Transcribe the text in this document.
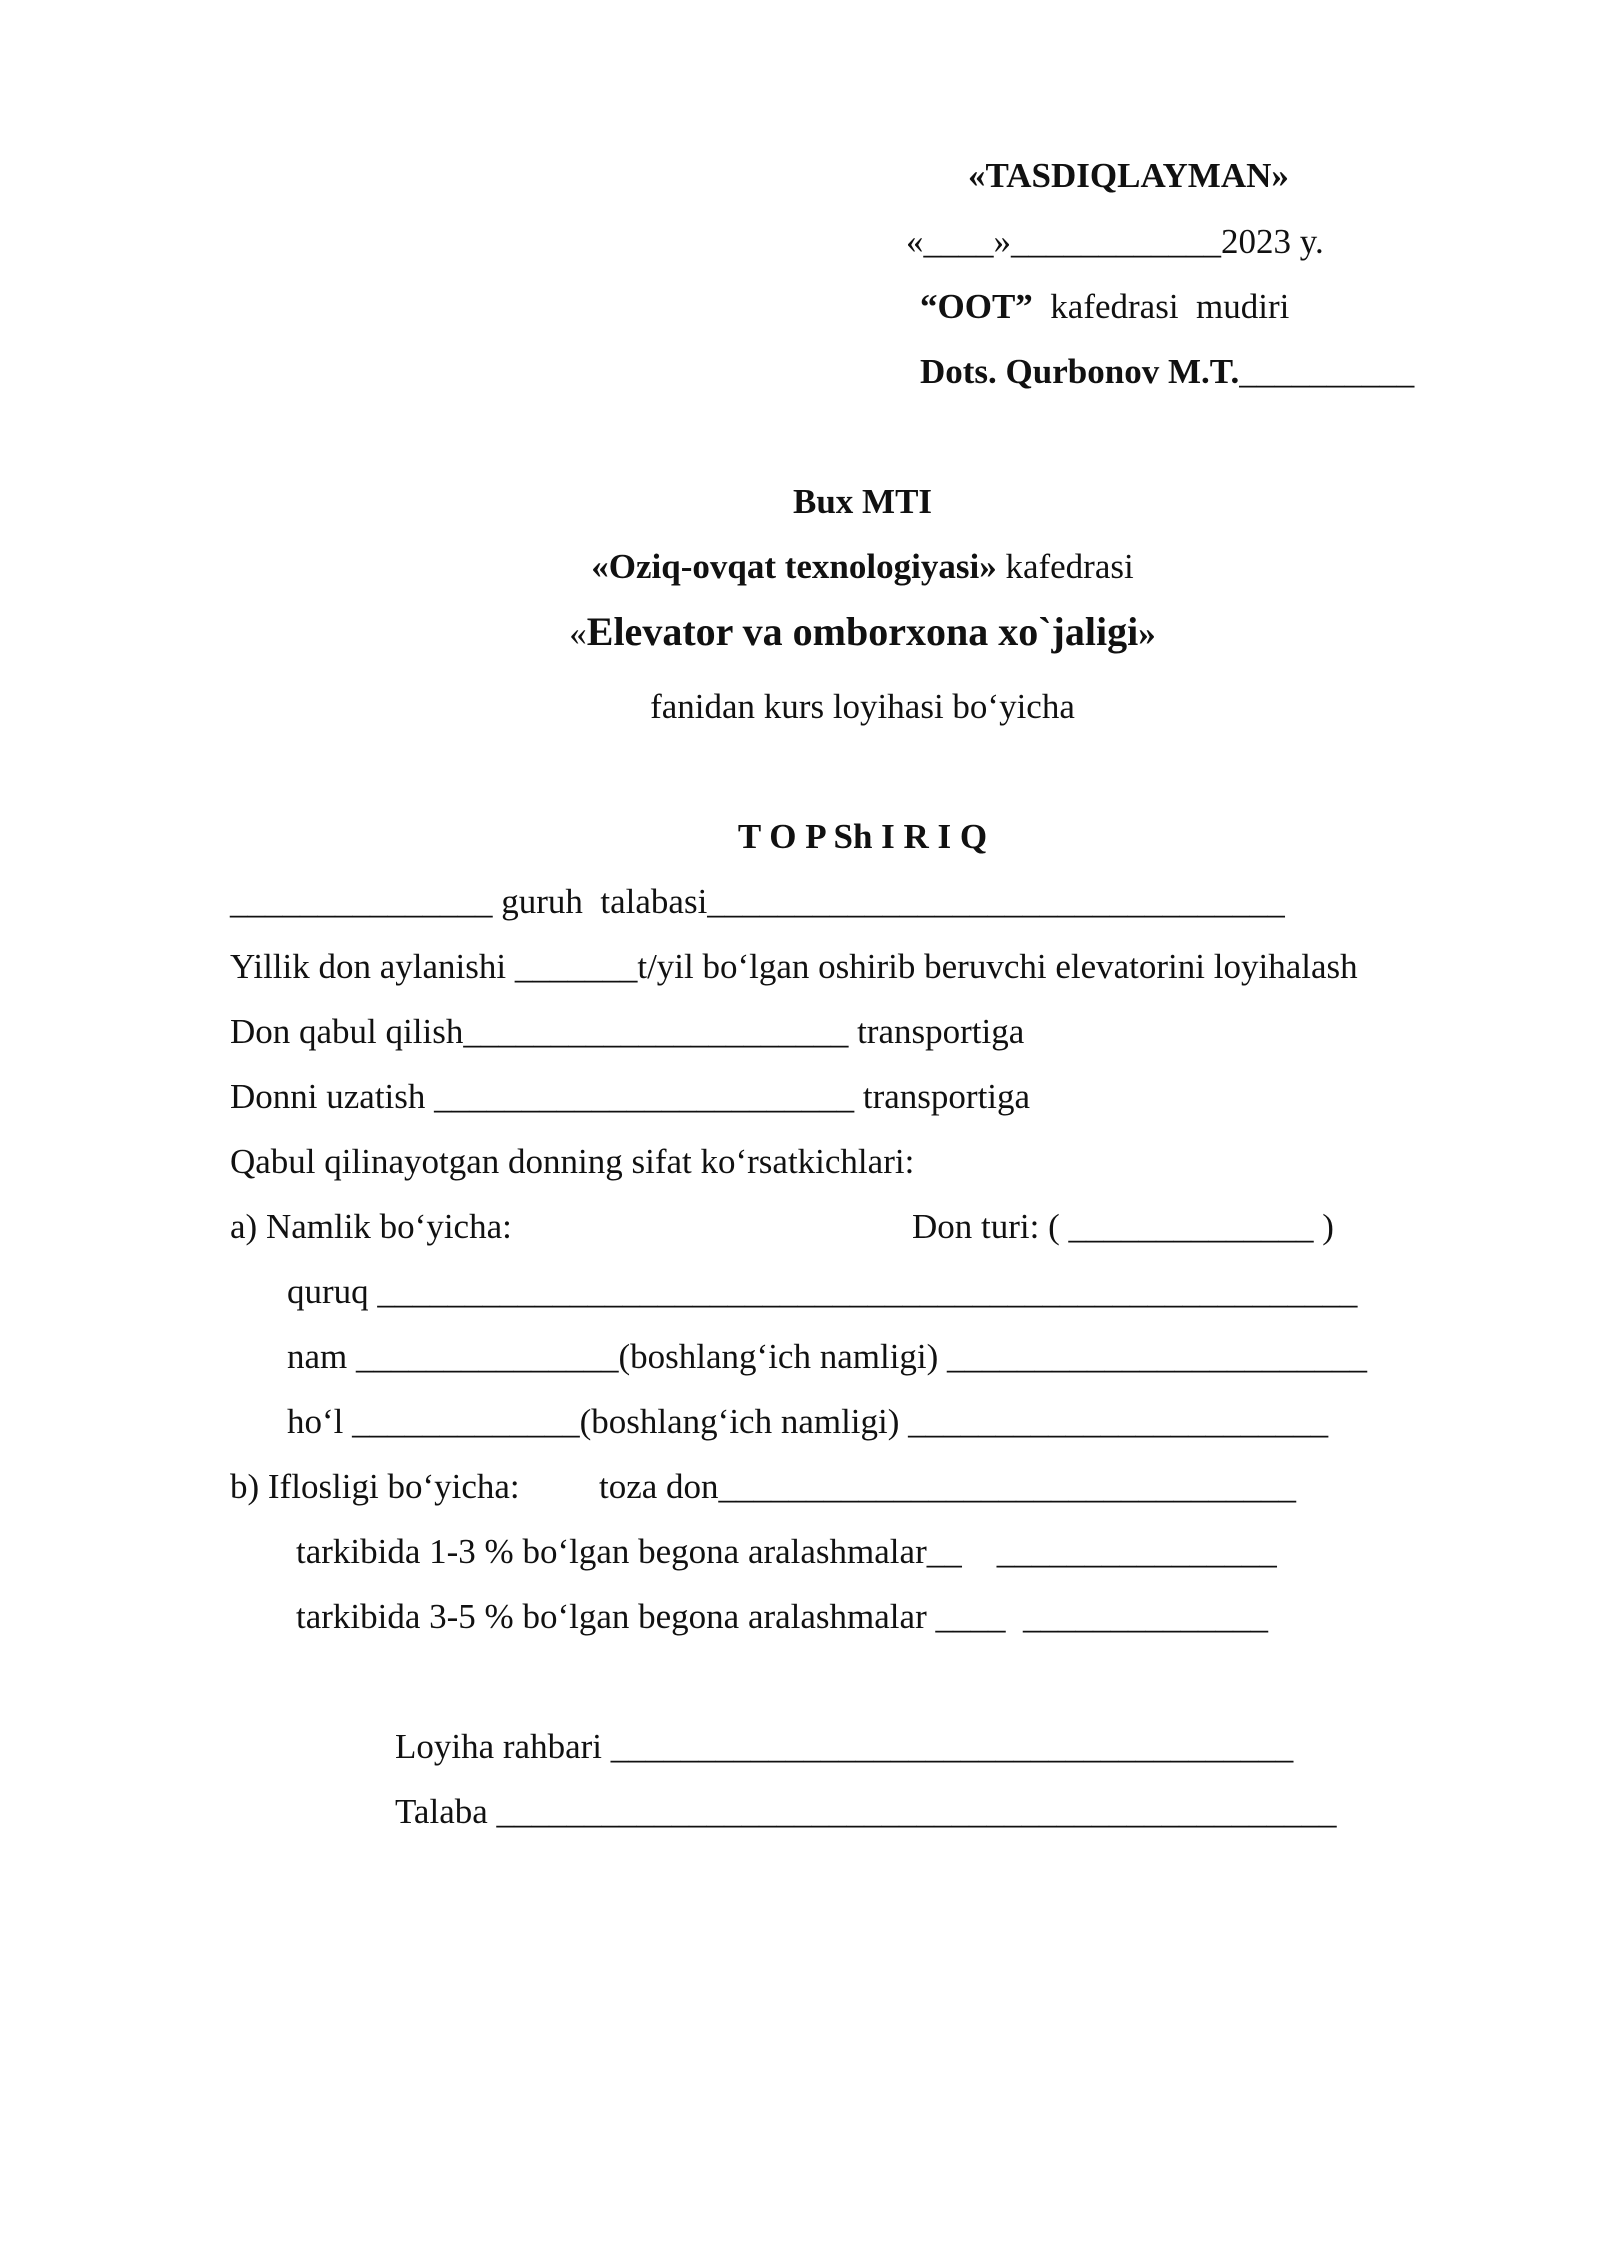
«TASDIQLAYMAN»
«____»____________2023 y.
“OOT”  kafedrasi  mudiri
Dots. Qurbonov M.T.__________
Bux MTI
«Oziq-ovqat texnologiyasi» kafedrasi
«Elevator va omborxona xo`jaligi»
fanidan kurs loyihasi bo‘yicha
T O P Sh I R I Q
_______________ guruh  talabasi_________________________________
Yillik don aylanishi _______t/yil bo‘lgan oshirib beruvchi elevatorini loyihalash
Don qabul qilish______________________ transportiga
Donni uzatish ________________________ transportiga
Qabul qilinayotgan donning sifat ko‘rsatkichlari:
a) Namlik bo‘yicha:	Don turi: ( ______________ )
quruq ________________________________________________________
nam _______________(boshlang‘ich namligi) ________________________
ho‘l _____________(boshlang‘ich namligi) ________________________
b) Iflosligi bo‘yicha: toza don_________________________________
tarkibida 1-3 % bo‘lgan begona aralashmalar__    ________________
tarkibida 3-5 % bo‘lgan begona aralashmalar ____  ______________
Loyiha rahbari _______________________________________
Talaba ________________________________________________
